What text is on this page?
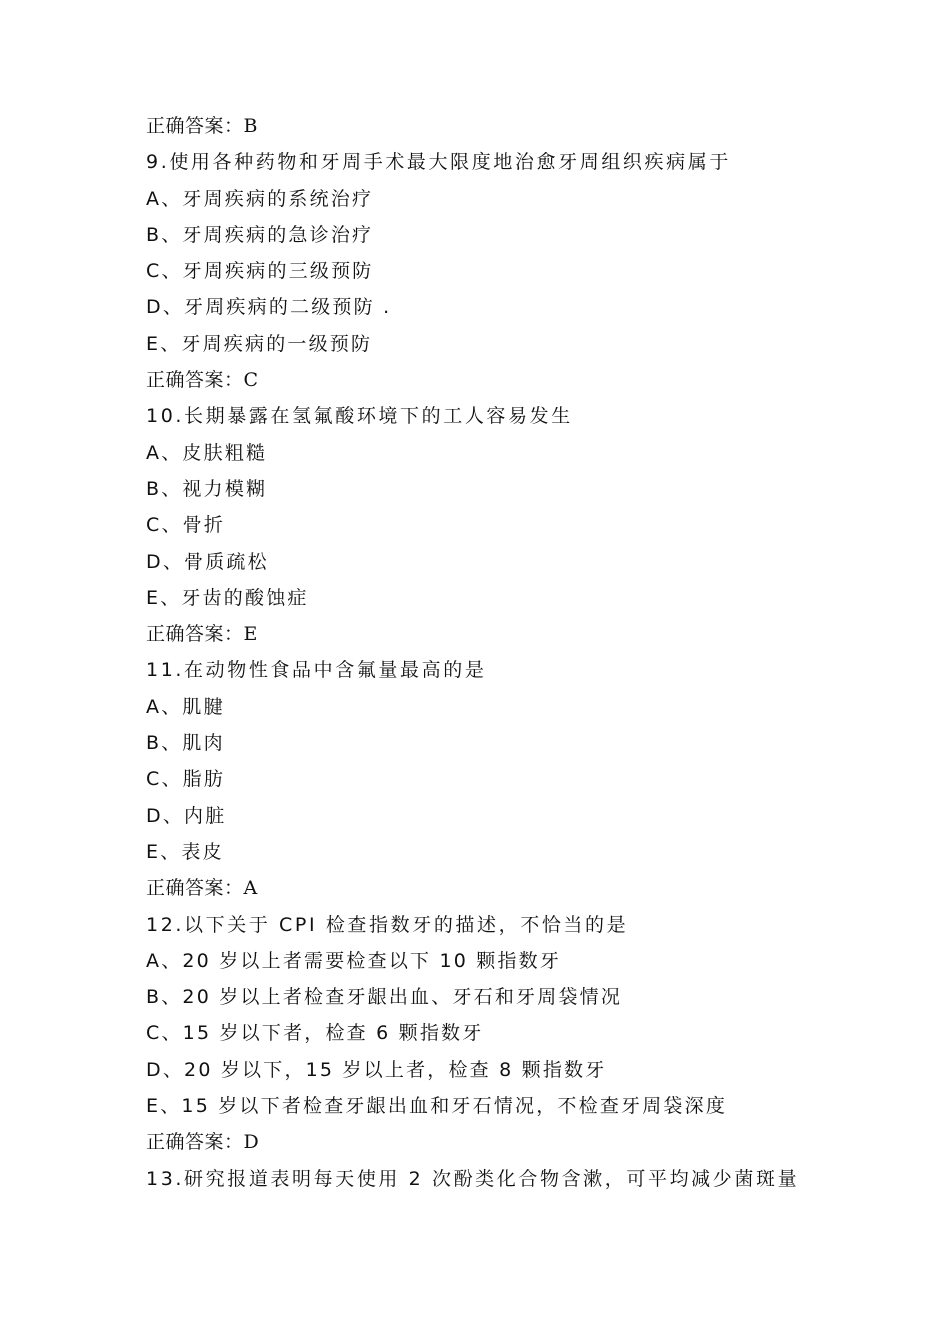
正确答案：B
9.使用各种药物和牙周手术最大限度地治愈牙周组织疾病属于
A、牙周疾病的系统治疗
B、牙周疾病的急诊治疗
C、牙周疾病的三级预防
D、牙周疾病的二级预防 .
E、牙周疾病的一级预防
正确答案：C
10.长期暴露在氢氟酸环境下的工人容易发生
A、皮肤粗糙
B、视力模糊
C、骨折
D、骨质疏松
E、牙齿的酸蚀症
正确答案：E
11.在动物性食品中含氟量最高的是
A、肌腱
B、肌肉
C、脂肪
D、内脏
E、表皮
正确答案：A
12.以下关于 CPI 检查指数牙的描述，不恰当的是
A、20 岁以上者需要检查以下 10 颗指数牙
B、20 岁以上者检查牙龈出血、牙石和牙周袋情况
C、15 岁以下者，检查 6 颗指数牙
D、20 岁以下，15 岁以上者，检查 8 颗指数牙
E、15 岁以下者检查牙龈出血和牙石情况，不检查牙周袋深度
正确答案：D
13.研究报道表明每天使用 2 次酚类化合物含漱，可平均减少菌斑量
